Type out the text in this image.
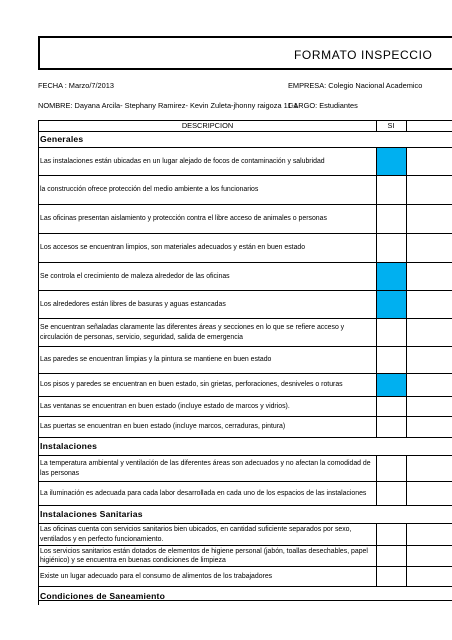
FORMATO INSPECCIO
FECHA : Marzo/7/2013	EMPRESA: Colegio Nacional Academico
NOMBRE: Dayana Arcila- Stephany Ramirez- Kevin Zuleta-jhonny raigoza 11-1
CARGO: Estudiantes
DESCRIPCION	SI
Generales
Las instalaciones están ubicadas en un lugar alejado de focos de contaminación y salubridad
la construcción ofrece protección del medio ambiente a los funcionarios
Las oficinas presentan aislamiento y protección contra el libre acceso de animales o personas
Los accesos se encuentran limpios, son materiales adecuados y están en buen estado
Se controla el crecimiento de maleza alrededor de las oficinas
Los alrededores están libres de basuras y aguas estancadas
Se encuentran señaladas claramente las diferentes áreas y secciones en lo que se refiere acceso y circulación de personas, servicio, seguridad, salida de emergencia
Las paredes se encuentran limpias y la pintura se mantiene en buen estado
Los pisos y paredes se encuentran en buen estado, sin grietas, perforaciones, desniveles o roturas
Las ventanas se encuentran en buen estado (incluye estado de marcos y vidrios).
Las puertas se encuentran en buen estado (incluye marcos, cerraduras, pintura)
Instalaciones
La temperatura ambiental y ventilación de las diferentes áreas son adecuados y no afectan la comodidad de las personas
La iluminación es adecuada para cada labor desarrollada en cada uno de los espacios de las instalaciones
Instalaciones Sanitarias
Las oficinas cuenta con servicios sanitarios bien ubicados, en cantidad suficiente separados por sexo, ventilados y en perfecto funcionamiento.
Los servicios sanitarios están dotados de elementos de higiene personal (jabón, toallas desechables, papel higiénico) y se encuentra en buenas condiciones de limpieza
Existe un lugar adecuado para el consumo de alimentos de los trabajadores
Condiciones de Saneamiento
